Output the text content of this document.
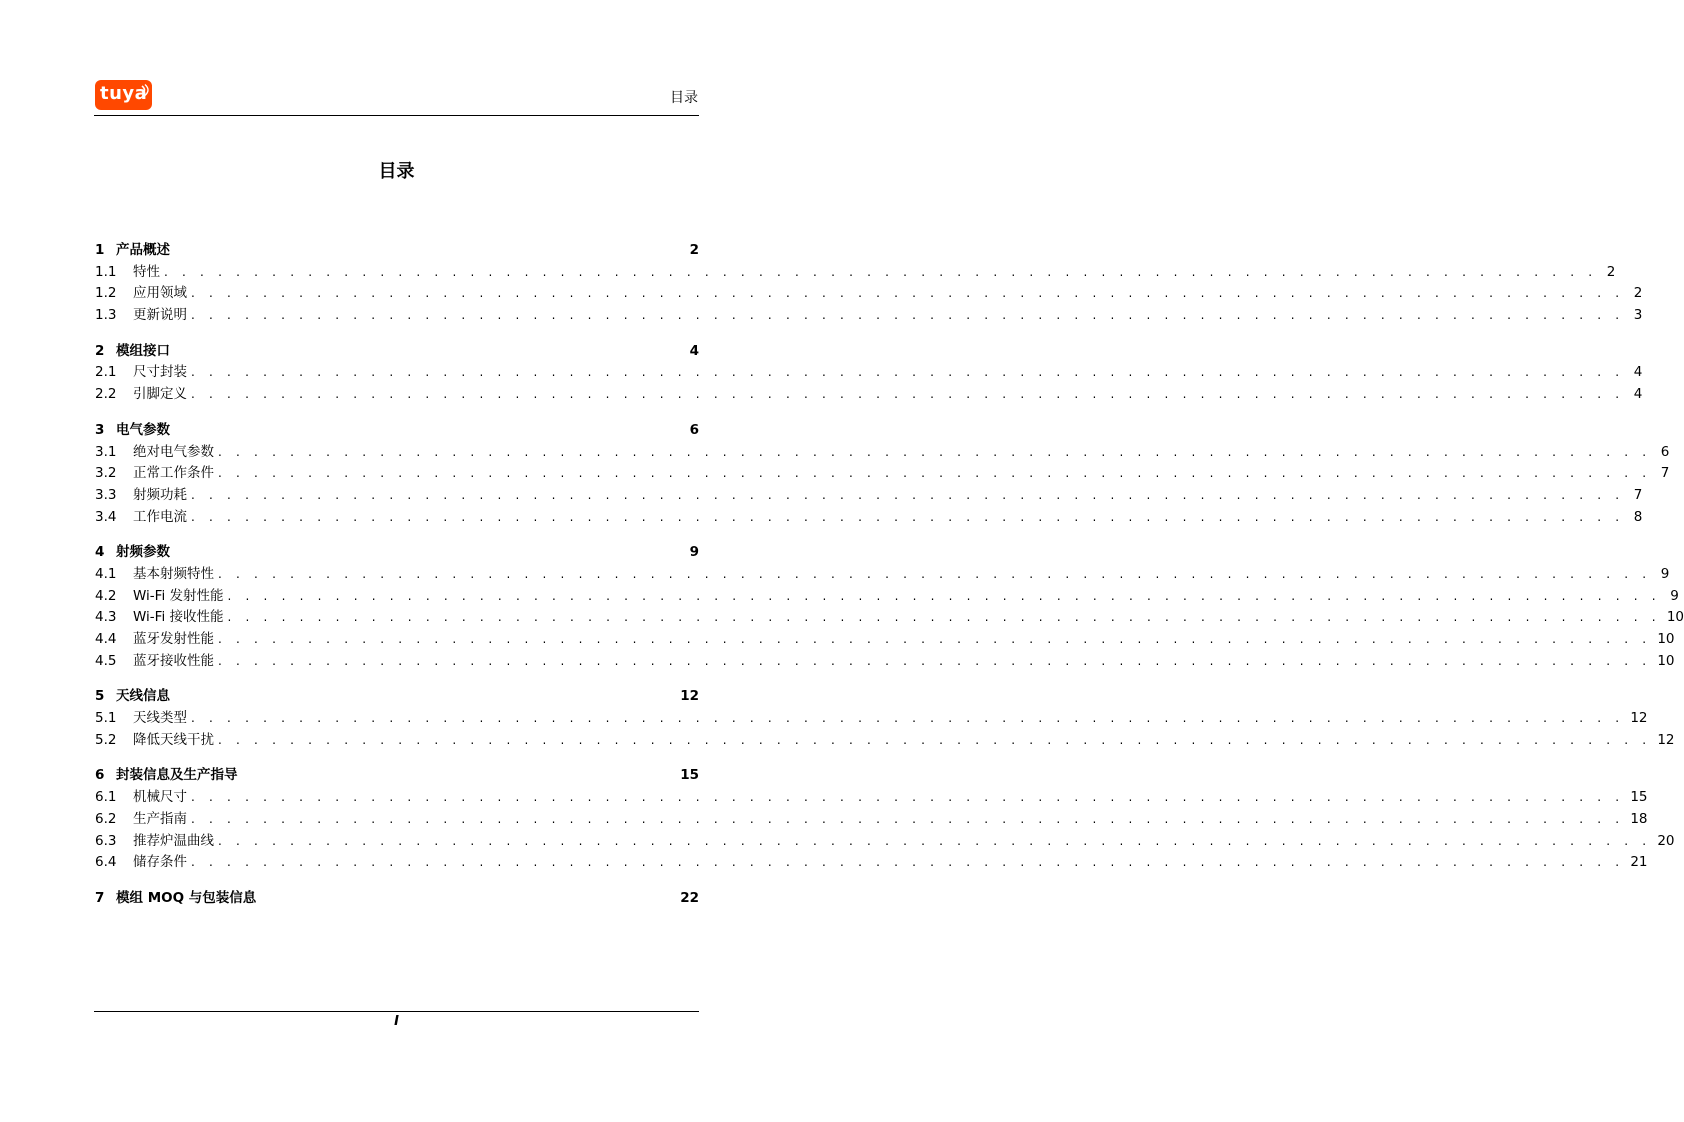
tuya	目录
目录
1 产品概述	2
1.1	特性 . . . . . . . . . . . . . . . . . . . . . . . . . . . . . . . . . . . . . . . . . . . . . . . . . . . . . . . . . . . . . . . . . . . . . . . . . . . . . . . . 2
1.2	应用领域 . . . . . . . . . . . . . . . . . . . . . . . . . . . . . . . . . . . . . . . . . . . . . . . . . . . . . . . . . . . . . . . . . . . . . . . . . . . . . . . . 2
1.3	更新说明 . . . . . . . . . . . . . . . . . . . . . . . . . . . . . . . . . . . . . . . . . . . . . . . . . . . . . . . . . . . . . . . . . . . . . . . . . . . . . . . . 3
2 模组接口	4
2.1	尺寸封装 . . . . . . . . . . . . . . . . . . . . . . . . . . . . . . . . . . . . . . . . . . . . . . . . . . . . . . . . . . . . . . . . . . . . . . . . . . . . . . . . 4
2.2	引脚定义 . . . . . . . . . . . . . . . . . . . . . . . . . . . . . . . . . . . . . . . . . . . . . . . . . . . . . . . . . . . . . . . . . . . . . . . . . . . . . . . . 4
3 电气参数	6
3.1	绝对电气参数 . . . . . . . . . . . . . . . . . . . . . . . . . . . . . . . . . . . . . . . . . . . . . . . . . . . . . . . . . . . . . . . . . . . . . . . . . . . . . . . . 6
3.2	正常工作条件 . . . . . . . . . . . . . . . . . . . . . . . . . . . . . . . . . . . . . . . . . . . . . . . . . . . . . . . . . . . . . . . . . . . . . . . . . . . . . . . . 7
3.3	射频功耗 . . . . . . . . . . . . . . . . . . . . . . . . . . . . . . . . . . . . . . . . . . . . . . . . . . . . . . . . . . . . . . . . . . . . . . . . . . . . . . . . 7
3.4	工作电流 . . . . . . . . . . . . . . . . . . . . . . . . . . . . . . . . . . . . . . . . . . . . . . . . . . . . . . . . . . . . . . . . . . . . . . . . . . . . . . . . 8
4 射频参数	9
4.1	基本射频特性 . . . . . . . . . . . . . . . . . . . . . . . . . . . . . . . . . . . . . . . . . . . . . . . . . . . . . . . . . . . . . . . . . . . . . . . . . . . . . . . . 9
4.2	Wi-Fi 发射性能 . . . . . . . . . . . . . . . . . . . . . . . . . . . . . . . . . . . . . . . . . . . . . . . . . . . . . . . . . . . . . . . . . . . . . . . . . . . . . . . . 9
4.3	Wi-Fi 接收性能 . . . . . . . . . . . . . . . . . . . . . . . . . . . . . . . . . . . . . . . . . . . . . . . . . . . . . . . . . . . . . . . . . . . . . . . . . . . . . . . . 10
4.4	蓝牙发射性能 . . . . . . . . . . . . . . . . . . . . . . . . . . . . . . . . . . . . . . . . . . . . . . . . . . . . . . . . . . . . . . . . . . . . . . . . . . . . . . . . 10
4.5	蓝牙接收性能 . . . . . . . . . . . . . . . . . . . . . . . . . . . . . . . . . . . . . . . . . . . . . . . . . . . . . . . . . . . . . . . . . . . . . . . . . . . . . . . . 10
5 天线信息	12
5.1	天线类型 . . . . . . . . . . . . . . . . . . . . . . . . . . . . . . . . . . . . . . . . . . . . . . . . . . . . . . . . . . . . . . . . . . . . . . . . . . . . . . . . 12
5.2	降低天线干扰 . . . . . . . . . . . . . . . . . . . . . . . . . . . . . . . . . . . . . . . . . . . . . . . . . . . . . . . . . . . . . . . . . . . . . . . . . . . . . . . . 12
6 封装信息及生产指导	15
6.1	机械尺寸 . . . . . . . . . . . . . . . . . . . . . . . . . . . . . . . . . . . . . . . . . . . . . . . . . . . . . . . . . . . . . . . . . . . . . . . . . . . . . . . . 15
6.2	生产指南 . . . . . . . . . . . . . . . . . . . . . . . . . . . . . . . . . . . . . . . . . . . . . . . . . . . . . . . . . . . . . . . . . . . . . . . . . . . . . . . . 18
6.3	推荐炉温曲线 . . . . . . . . . . . . . . . . . . . . . . . . . . . . . . . . . . . . . . . . . . . . . . . . . . . . . . . . . . . . . . . . . . . . . . . . . . . . . . . . 20
6.4	储存条件 . . . . . . . . . . . . . . . . . . . . . . . . . . . . . . . . . . . . . . . . . . . . . . . . . . . . . . . . . . . . . . . . . . . . . . . . . . . . . . . . 21
7 模组 MOQ 与包装信息	22
I
